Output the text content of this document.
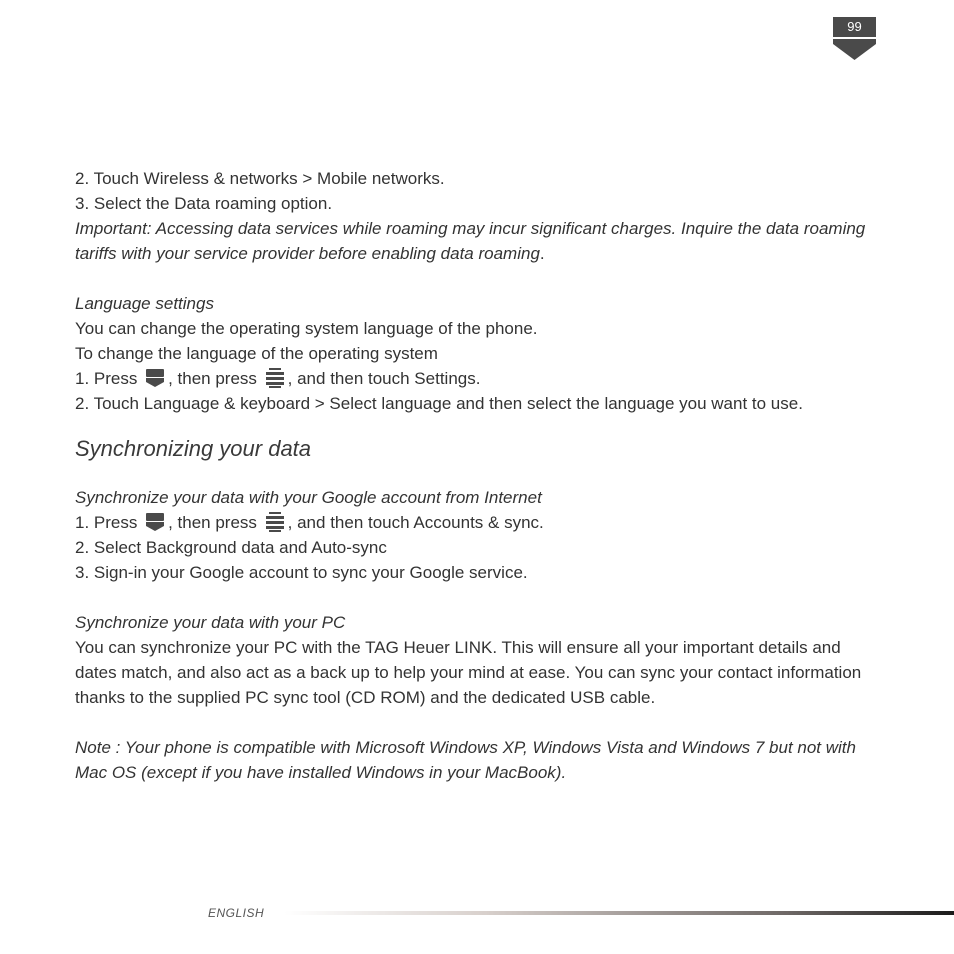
99

2. Touch Wireless & networks > Mobile networks.

3. Select the Data roaming option.

Important: Accessing data services while roaming may incur significant charges. Inquire the data roaming tariffs with your service provider before enabling data roaming.

Language settings

You can change the operating system language of the phone.

To change the language of the operating system

1. Press , then press , and then touch Settings.

2. Touch Language & keyboard > Select language and then select the language you want to use.

Synchronizing your data

Synchronize your data with your Google account from Internet

1. Press , then press , and then touch Accounts & sync.

2. Select Background data and Auto-sync

3. Sign-in your Google account to sync your Google service.

Synchronize your data with your PC

You can synchronize your PC with the TAG Heuer LINK. This will ensure all your important details and dates match, and also act as a back up to help your mind at ease. You can sync your contact information thanks to the supplied PC sync tool (CD ROM) and the dedicated USB cable.

Note : Your phone is compatible with Microsoft Windows XP, Windows Vista and Windows 7 but not with Mac OS (except if you have installed Windows in your MacBook).

ENGLISH
